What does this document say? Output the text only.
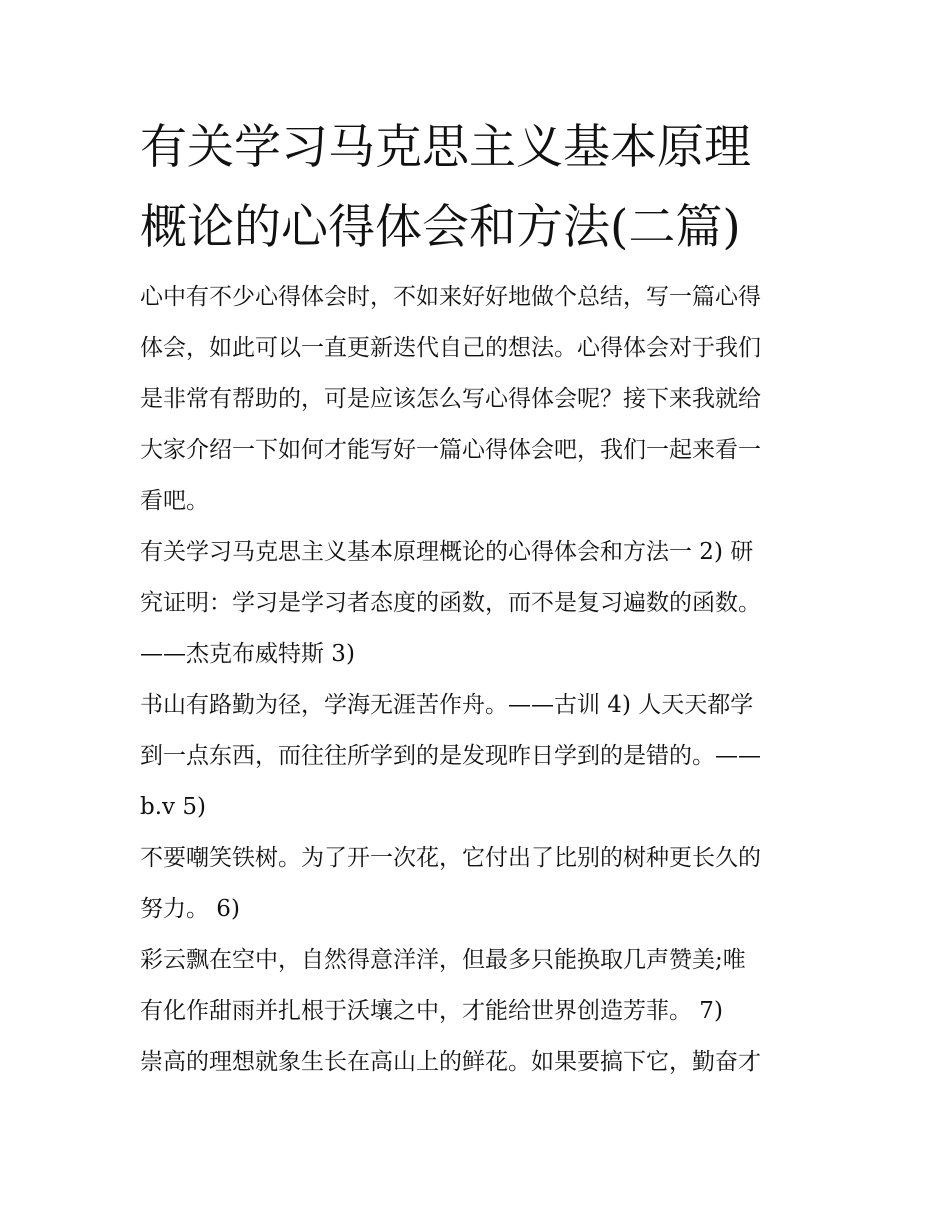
有关学习马克思主义基本原理
概论的心得体会和方法(二篇)

心中有不少心得体会时，不如来好好地做个总结，写一篇心得
体会，如此可以一直更新迭代自己的想法。心得体会对于我们
是非常有帮助的，可是应该怎么写心得体会呢？接下来我就给
大家介绍一下如何才能写好一篇心得体会吧，我们一起来看一
看吧。

有关学习马克思主义基本原理概论的心得体会和方法一 2) 研
究证明：学习是学习者态度的函数，而不是复习遍数的函数。
——杰克布威特斯 3)

书山有路勤为径，学海无涯苦作舟。——古训 4) 人天天都学
到一点东西，而往往所学到的是发现昨日学到的是错的。——
b.v 5)

不要嘲笑铁树。为了开一次花，它付出了比别的树种更长久的
努力。 6)

彩云飘在空中，自然得意洋洋，但最多只能换取几声赞美;唯
有化作甜雨并扎根于沃壤之中，才能给世界创造芳菲。 7)

崇高的理想就象生长在高山上的鲜花。如果要搞下它，勤奋才
